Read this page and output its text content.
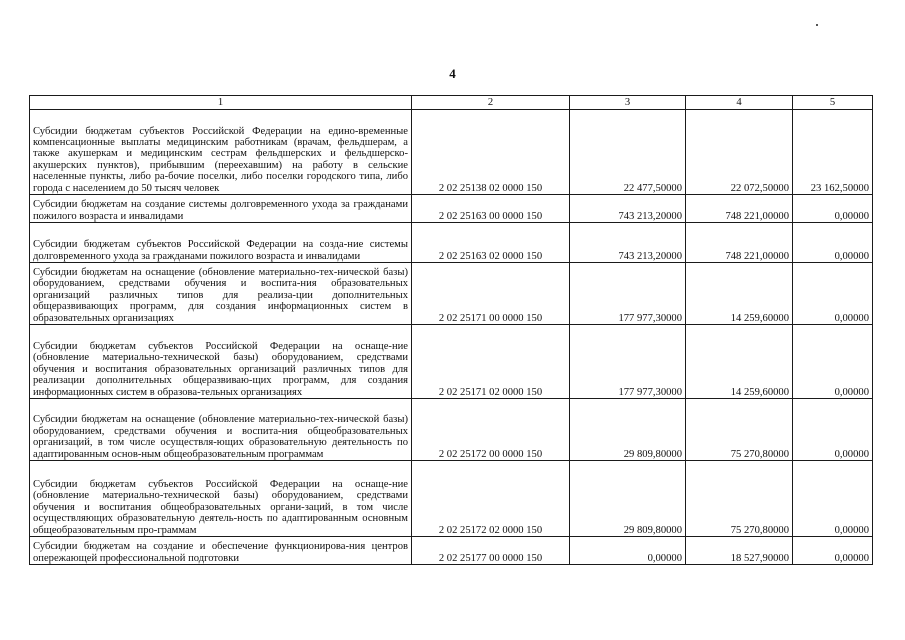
4
1	2	3	4	5
Субсидии бюджетам субъектов Российской Федерации на едино-временные компенсационные выплаты медицинским работникам (врачам, фельдшерам, а также акушеркам и медицинским сестрам фельдшерских и фельдшерско-акушерских пунктов), прибывшим (переехавшим) на работу в сельские населенные пункты, либо ра-бочие поселки, либо поселки городского типа, либо города с населением до 50 тысяч человек	2 02 25138 02 0000 150	22 477,50000	22 072,50000	23 162,50000
Субсидии бюджетам на создание системы долговременного ухода за гражданами пожилого возраста и инвалидами	2 02 25163 00 0000 150	743 213,20000	748 221,00000	0,00000
Субсидии бюджетам субъектов Российской Федерации на созда-ние системы долговременного ухода за гражданами пожилого возраста и инвалидами	2 02 25163 02 0000 150	743 213,20000	748 221,00000	0,00000
Субсидии бюджетам на оснащение (обновление материально-тех-нической базы) оборудованием, средствами обучения и воспита-ния образовательных организаций различных типов для реализа-ции дополнительных общеразвивающих программ, для создания информационных систем в образовательных организациях	2 02 25171 00 0000 150	177 977,30000	14 259,60000	0,00000
Субсидии бюджетам субъектов Российской Федерации на оснаще-ние (обновление материально-технической базы) оборудованием, средствами обучения и воспитания образовательных организаций различных типов для реализации дополнительных общеразвиваю-щих программ, для создания информационных систем в образова-тельных организациях	2 02 25171 02 0000 150	177 977,30000	14 259,60000	0,00000
Субсидии бюджетам на оснащение (обновление материально-тех-нической базы) оборудованием, средствами обучения и воспита-ния общеобразовательных организаций, в том числе осуществля-ющих образовательную деятельность по адаптированным основ-ным общеобразовательным программам	2 02 25172 00 0000 150	29 809,80000	75 270,80000	0,00000
Субсидии бюджетам субъектов Российской Федерации на оснаще-ние (обновление материально-технической базы) оборудованием, средствами обучения и воспитания общеобразовательных органи-заций, в том числе осуществляющих образовательную деятель-ность по адаптированным основным общеобразовательным про-граммам	2 02 25172 02 0000 150	29 809,80000	75 270,80000	0,00000
Субсидии бюджетам на создание и обеспечение функционирова-ния центров опережающей профессиональной подготовки	2 02 25177 00 0000 150	0,00000	18 527,90000	0,00000
